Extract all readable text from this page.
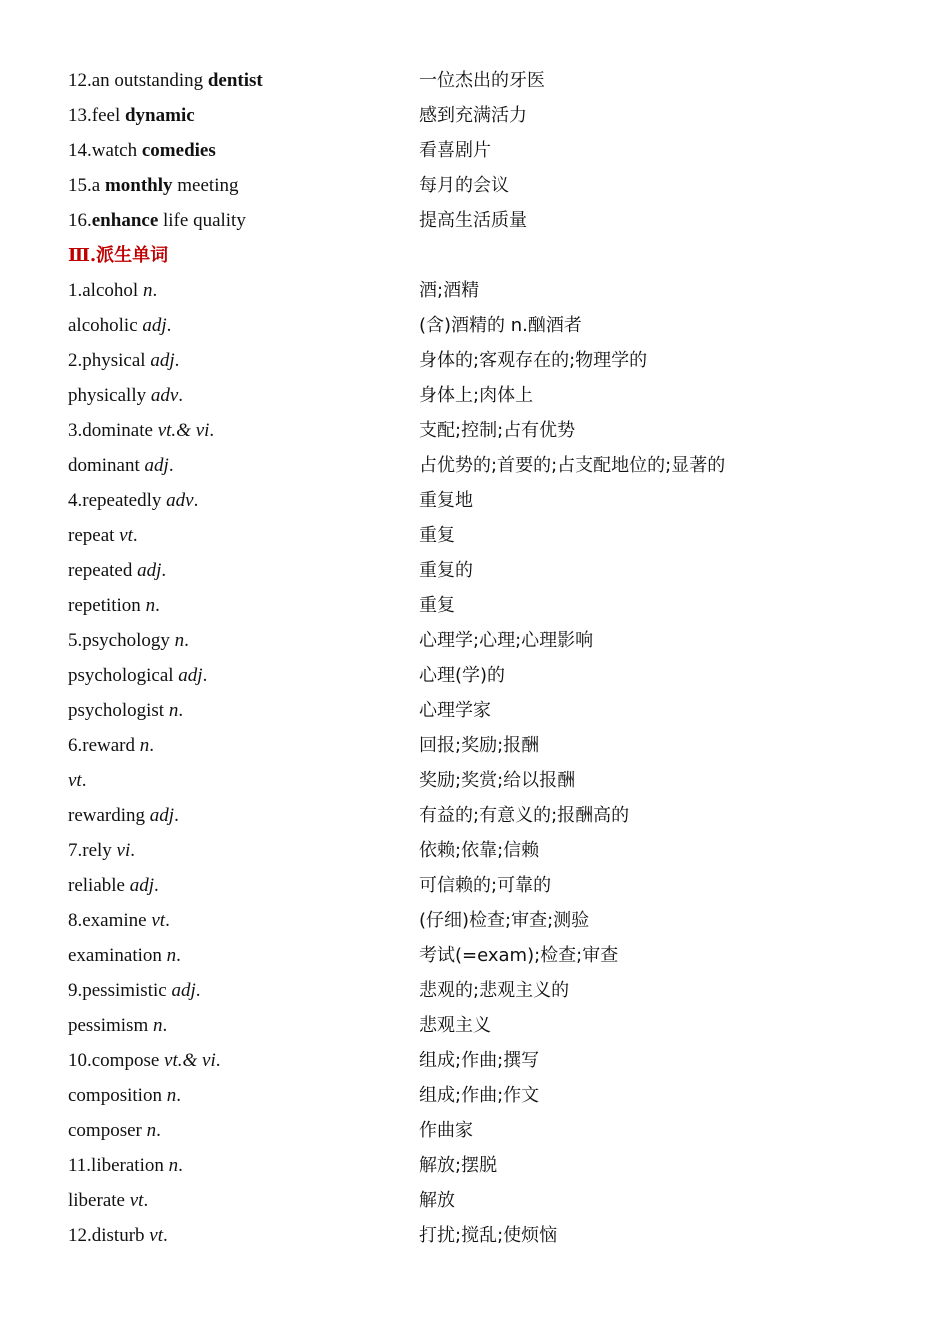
12.an outstanding dentist	一位杰出的牙医
13.feel dynamic	感到充满活力
14.watch comedies	看喜剧片
15.a monthly meeting	每月的会议
16.enhance life quality	提高生活质量
Ⅲ.派生单词
1.alcohol n.	酒;酒精
alcoholic adj.	(含)酒精的 n.酗酒者
2.physical adj.	身体的;客观存在的;物理学的
physically adv.	身体上;肉体上
3.dominate vt.& vi.	支配;控制;占有优势
dominant adj.	占优势的;首要的;占支配地位的;显著的
4.repeatedly adv.	重复地
repeat vt.	重复
repeated adj.	重复的
repetition n.	重复
5.psychology n.	心理学;心理;心理影响
psychological adj.	心理(学)的
psychologist n.	心理学家
6.reward n.	回报;奖励;报酬
vt.	奖励;奖赏;给以报酬
rewarding adj.	有益的;有意义的;报酬高的
7.rely vi.	依赖;依靠;信赖
reliable adj.	可信赖的;可靠的
8.examine vt.	(仔细)检查;审查;测验
examination n.	考试(=exam);检查;审查
9.pessimistic adj.	悲观的;悲观主义的
pessimism n.	悲观主义
10.compose vt.& vi.	组成;作曲;撰写
composition n.	组成;作曲;作文
composer n.	作曲家
11.liberation n.	解放;摆脱
liberate vt.	解放
12.disturb vt.	打扰;搅乱;使烦恼
